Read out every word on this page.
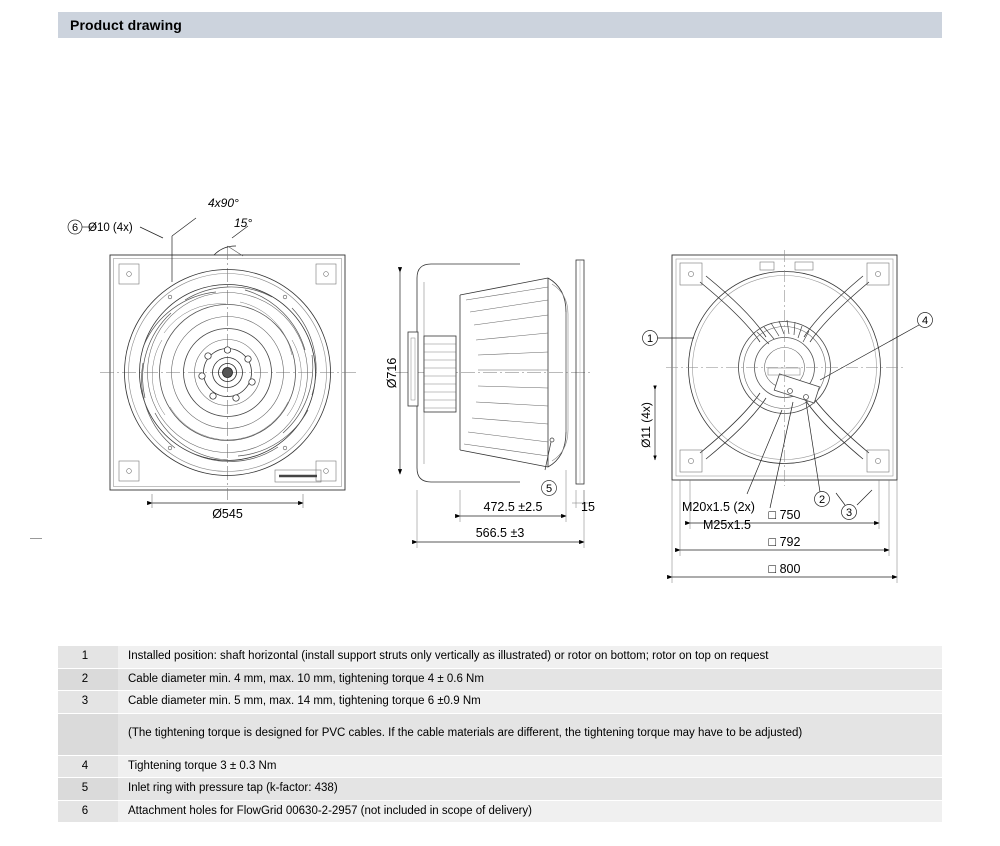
Product drawing
6 Ø10 (4x)
4x90°
15°
Ø545
Ø716
5
472.5 ±2.5
566.5 ±3
15
1
4
2
3
Ø11 (4x)
M20x1.5 (2x)
M25x1.5
□ 750
□ 792
□ 800
1	Installed position: shaft horizontal (install support struts only vertically as illustrated) or rotor on bottom; rotor on top on request
2	Cable diameter min. 4 mm, max. 10 mm, tightening torque 4 ± 0.6 Nm
3	Cable diameter min. 5 mm, max. 14 mm, tightening torque 6 ±0.9 Nm
	(The tightening torque is designed for PVC cables. If the cable materials are different, the tightening torque may have to be adjusted)
4	Tightening torque 3 ± 0.3 Nm
5	Inlet ring with pressure tap (k-factor: 438)
6	Attachment holes for FlowGrid 00630-2-2957 (not included in scope of delivery)
